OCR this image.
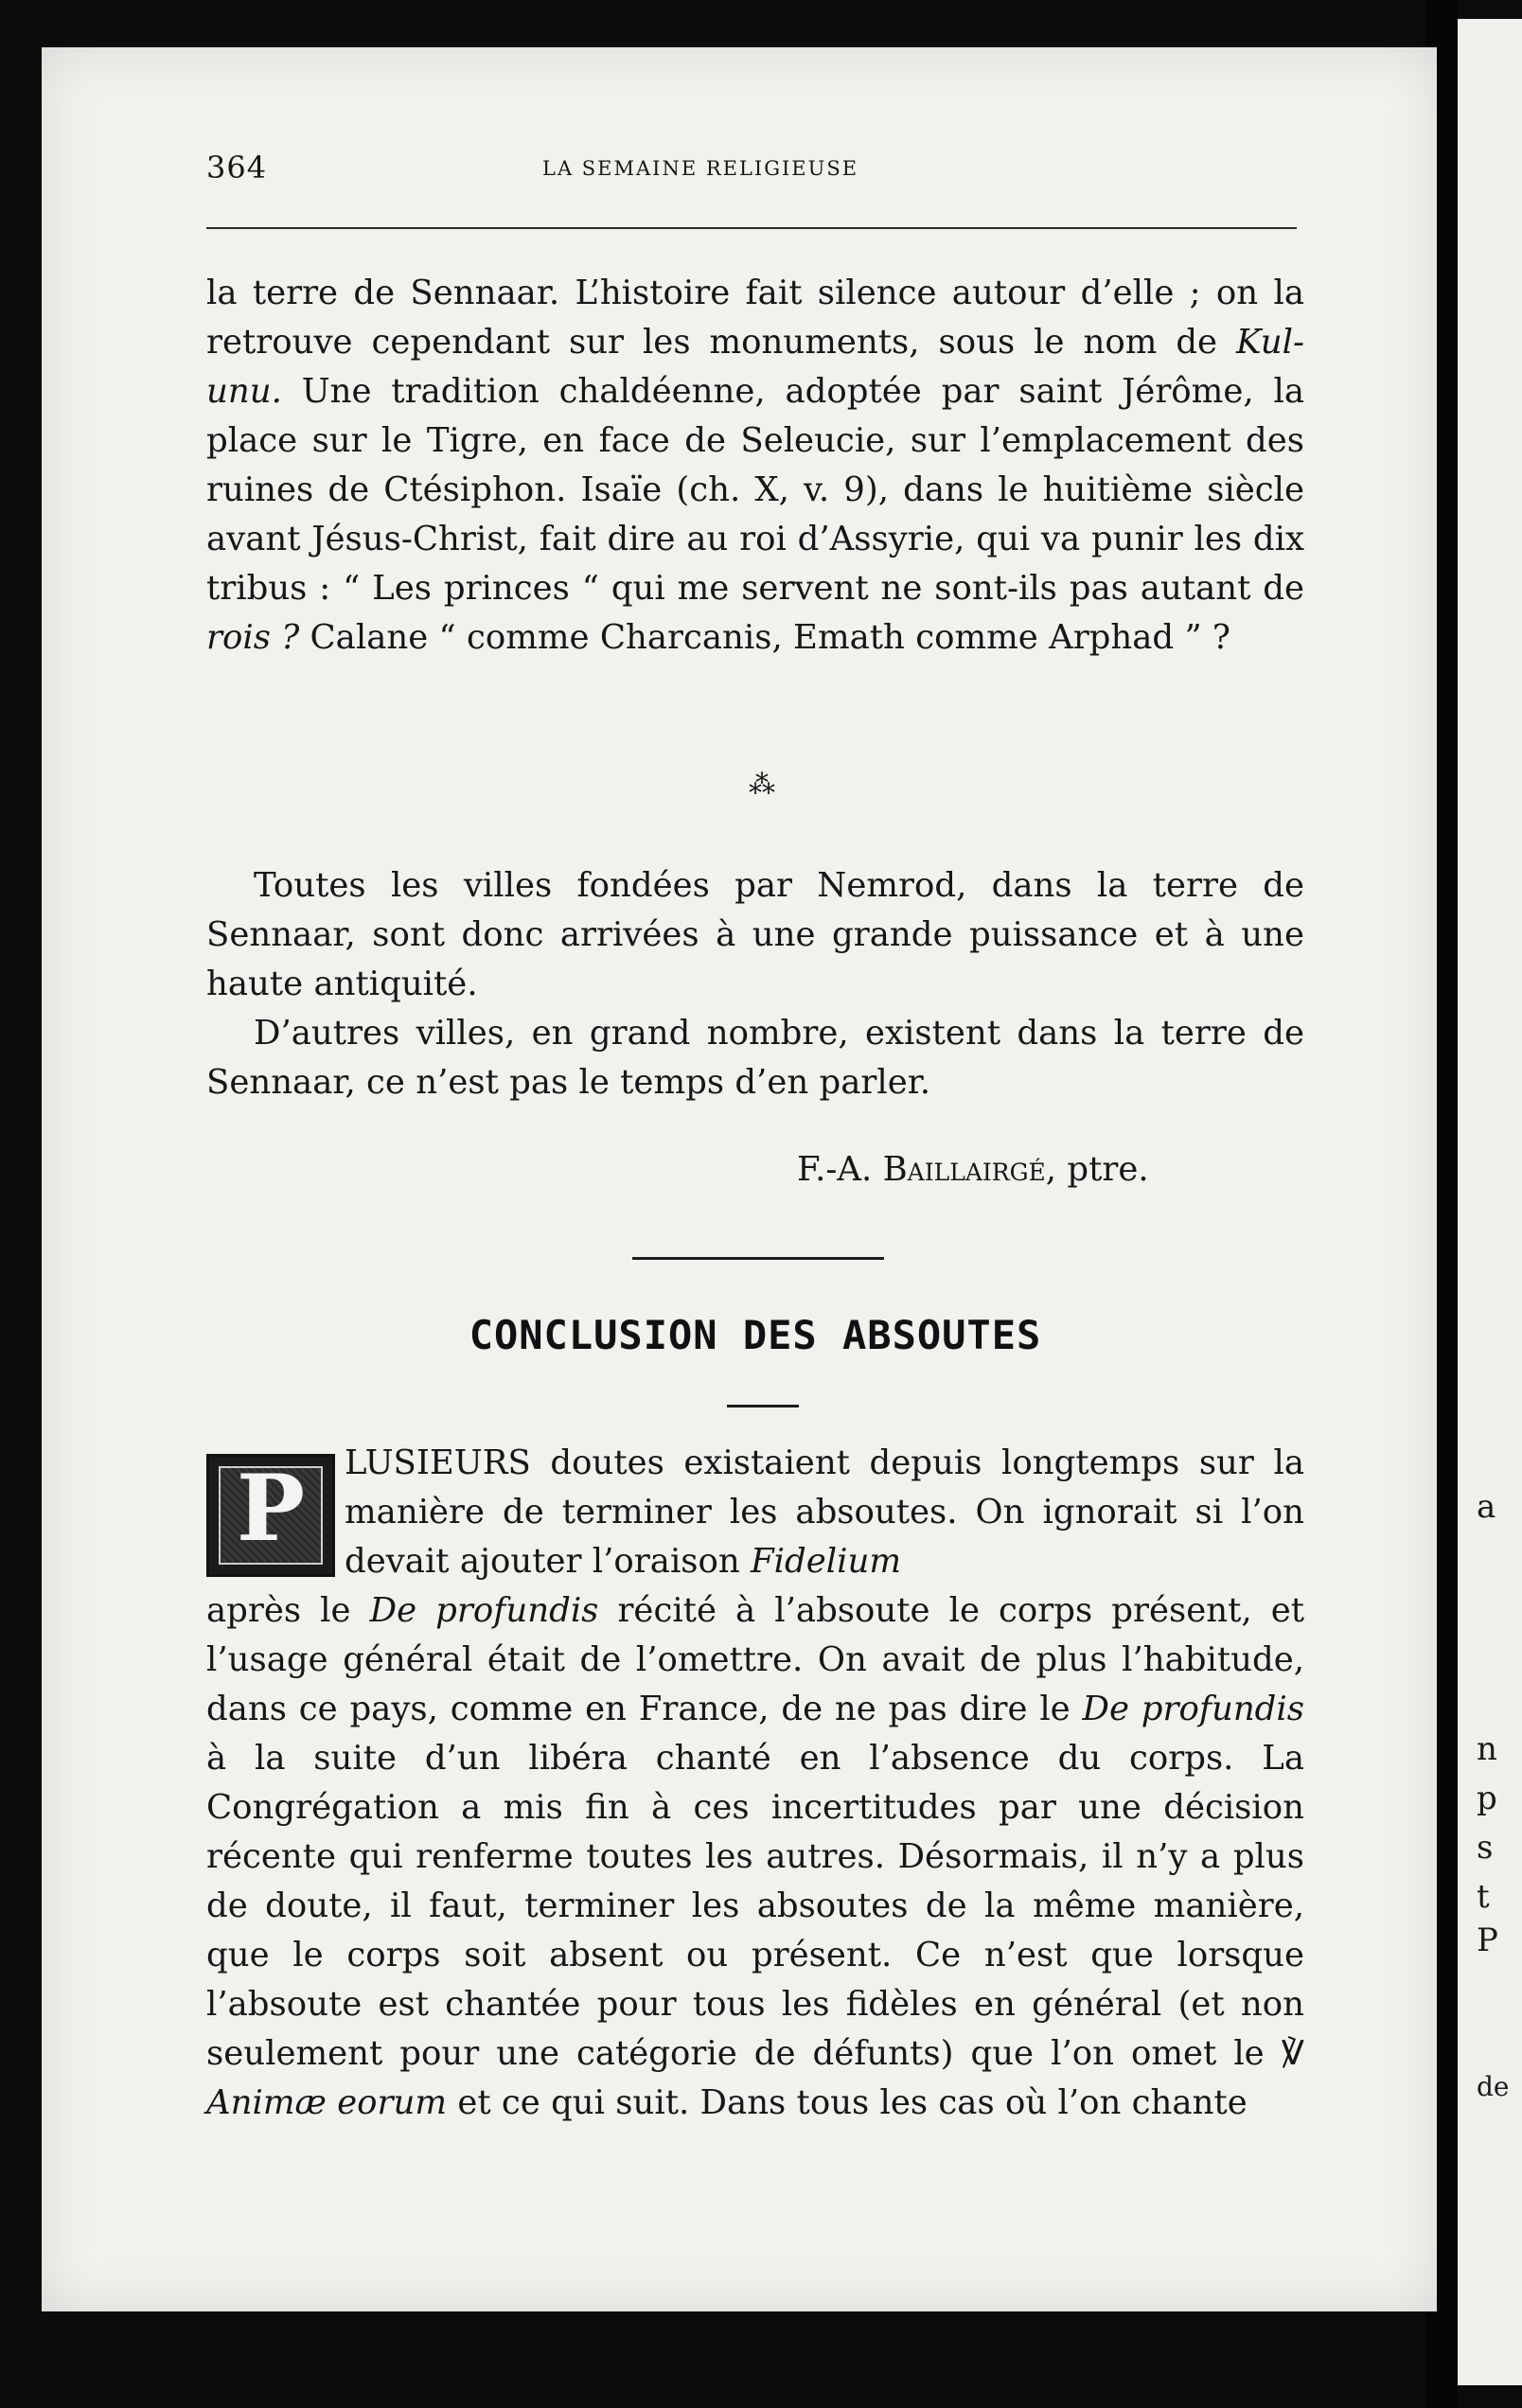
a
n
p
s
t
P
de
364	LA SEMAINE RELIGIEUSE

la terre de Sennaar. L’histoire fait silence autour d’elle ; on la retrouve cependant sur les monuments, sous le nom de Kul-unu. Une tradition chaldéenne, adoptée par saint Jérôme, la place sur le Tigre, en face de Seleucie, sur l’emplacement des ruines de Ctésiphon. Isaïe (ch. X, v. 9), dans le huitième siècle avant Jésus-Christ, fait dire au roi d’Assyrie, qui va punir les dix tribus : “ Les princes “ qui me servent ne sont-ils pas autant de rois ? Calane “ comme Charcanis, Emath comme Arphad ” ?

⁂

Toutes les villes fondées par Nemrod, dans la terre de Sennaar, sont donc arrivées à une grande puissance et à une haute antiquité.

D’autres villes, en grand nombre, existent dans la terre de Sennaar, ce n’est pas le temps d’en parler.

F.-A. Baillairgé, ptre.
CONCLUSION DES ABSOUTES
P	LUSIEURS doutes existaient depuis longtemps sur la manière de terminer les absoutes. On ignorait si l’on devait ajouter l’oraison Fidelium

après le De profundis récité à l’absoute le corps présent, et l’usage général était de l’omettre. On avait de plus l’habitude, dans ce pays, comme en France, de ne pas dire le De profundis à la suite d’un libéra chanté en l’absence du corps. La Congrégation a mis fin à ces incertitudes par une décision récente qui renferme toutes les autres. Désormais, il n’y a plus de doute, il faut, terminer les absoutes de la même manière, que le corps soit absent ou présent. Ce n’est que lorsque l’absoute est chantée pour tous les fidèles en général (et non seulement pour une catégorie de défunts) que l’on omet le ℣ Animæ eorum et ce qui suit. Dans tous les cas où l’on chante
